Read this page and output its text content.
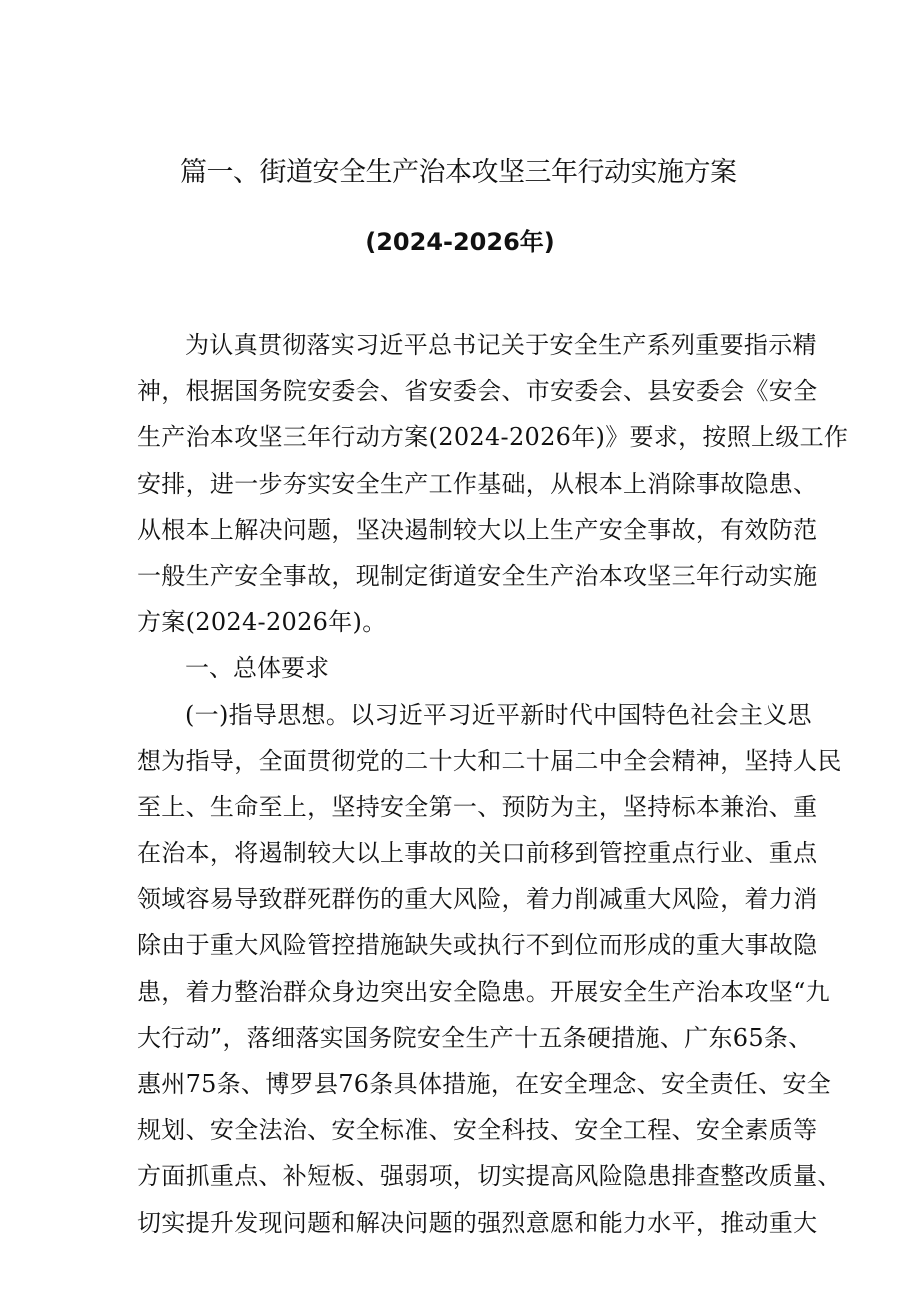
篇一、街道安全生产治本攻坚三年行动实施方案
(2024-2026年)
为认真贯彻落实习近平总书记关于安全生产系列重要指示精
神，根据国务院安委会、省安委会、市安委会、县安委会《安全
生产治本攻坚三年行动方案(2024-2026年)》要求，按照上级工作
安排，进一步夯实安全生产工作基础，从根本上消除事故隐患、
从根本上解决问题，坚决遏制较大以上生产安全事故，有效防范
一般生产安全事故，现制定街道安全生产治本攻坚三年行动实施
方案(2024-2026年)。
一、总体要求
(一)指导思想。以习近平习近平新时代中国特色社会主义思
想为指导，全面贯彻党的二十大和二十届二中全会精神，坚持人民
至上、生命至上，坚持安全第一、预防为主，坚持标本兼治、重
在治本，将遏制较大以上事故的关口前移到管控重点行业、重点
领域容易导致群死群伤的重大风险，着力削减重大风险，着力消
除由于重大风险管控措施缺失或执行不到位而形成的重大事故隐
患，着力整治群众身边突出安全隐患。开展安全生产治本攻坚“九
大行动”，落细落实国务院安全生产十五条硬措施、广东65条、
惠州75条、博罗县76条具体措施，在安全理念、安全责任、安全
规划、安全法治、安全标准、安全科技、安全工程、安全素质等
方面抓重点、补短板、强弱项，切实提高风险隐患排查整改质量、
切实提升发现问题和解决问题的强烈意愿和能力水平，推动重大
